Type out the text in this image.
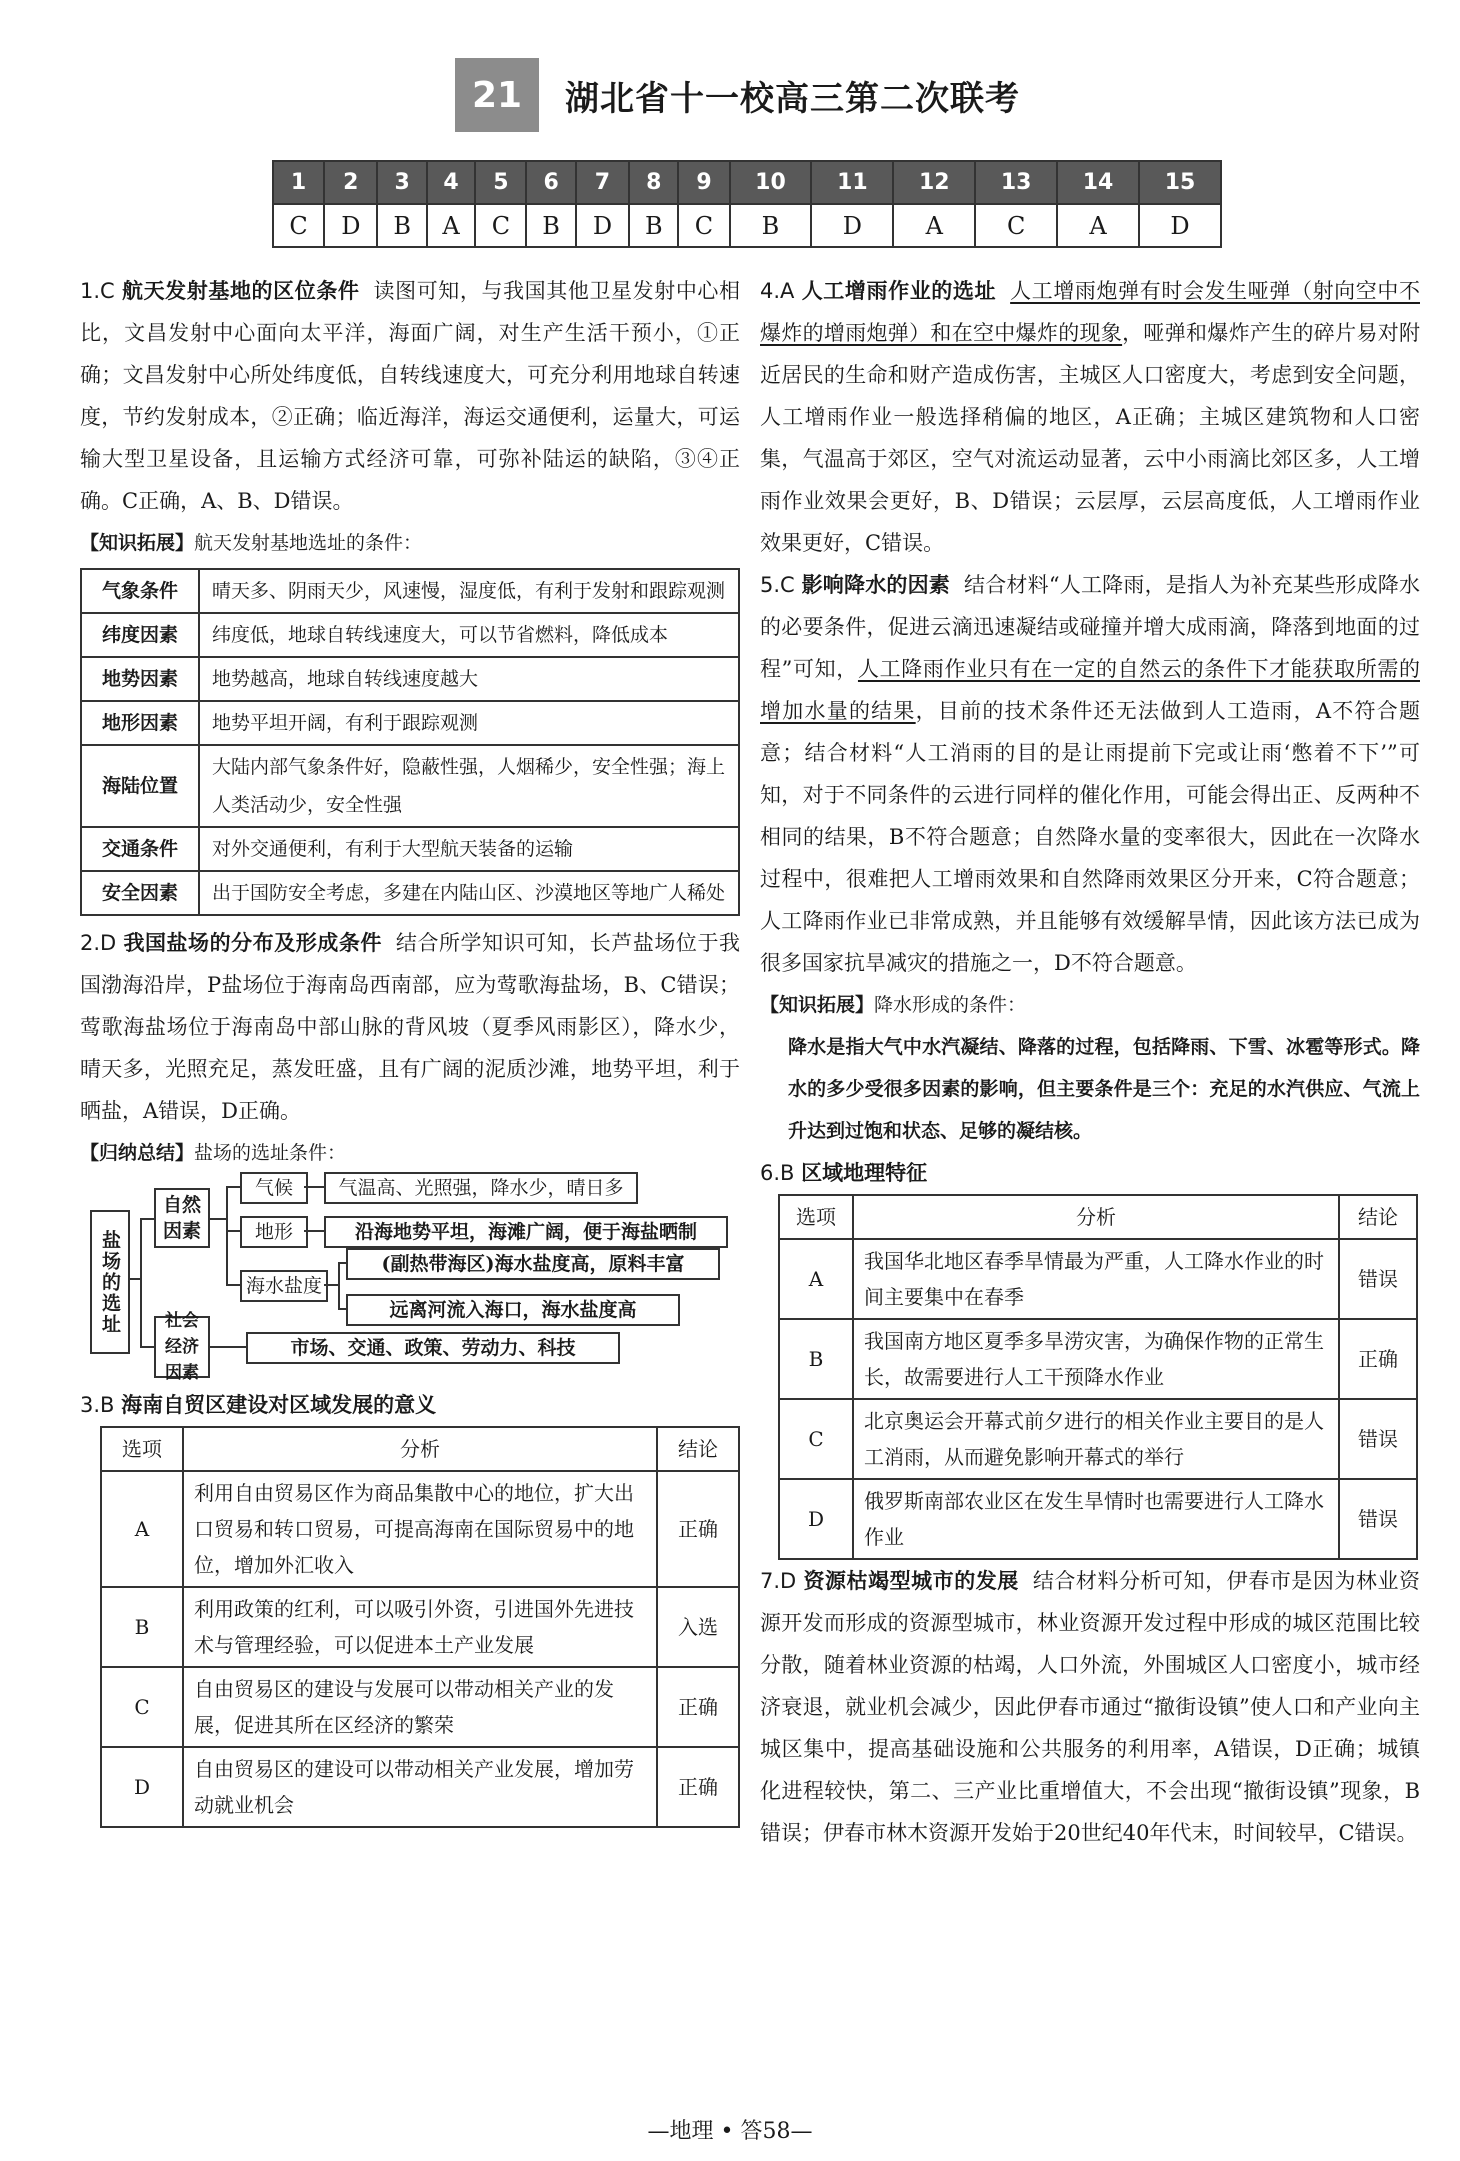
21	湖北省十一校高三第二次联考
1	2	3	4	5	6	7	8	9	10	11	12	13	14	15
C	D	B	A	C	B	D	B	C	B	D	A	C	A	D

1.C 航天发射基地的区位条件 读图可知，与我国其他卫星发射中心相比，文昌发射中心面向太平洋，海面广阔，对生产生活干预小，①正确；文昌发射中心所处纬度低，自转线速度大，可充分利用地球自转速度，节约发射成本，②正确；临近海洋，海运交通便利，运量大，可运输大型卫星设备，且运输方式经济可靠，可弥补陆运的缺陷，③④正确。C正确，A、B、D错误。

【知识拓展】航天发射基地选址的条件：

气象条件	晴天多、阴雨天少，风速慢，湿度低，有利于发射和跟踪观测
纬度因素	纬度低，地球自转线速度大，可以节省燃料，降低成本
地势因素	地势越高，地球自转线速度越大
地形因素	地势平坦开阔，有利于跟踪观测
海陆位置	大陆内部气象条件好，隐蔽性强，人烟稀少，安全性强；海上人类活动少，安全性强
交通条件	对外交通便利，有利于大型航天装备的运输
安全因素	出于国防安全考虑，多建在内陆山区、沙漠地区等地广人稀处

2.D 我国盐场的分布及形成条件 结合所学知识可知，长芦盐场位于我国渤海沿岸，P盐场位于海南岛西南部，应为莺歌海盐场，B、C错误；莺歌海盐场位于海南岛中部山脉的背风坡（夏季风雨影区），降水少，晴天多，光照充足，蒸发旺盛，且有广阔的泥质沙滩，地势平坦，利于晒盐，A错误，D正确。

【归纳总结】盐场的选址条件：

盐场的选址
自然因素
社会经济因素
气候
地形
海水盐度
气温高、光照强，降水少，晴日多
沿海地势平坦，海滩广阔，便于海盐晒制
(副热带海区)海水盐度高，原料丰富
远离河流入海口，海水盐度高
市场、交通、政策、劳动力、科技

3.B 海南自贸区建设对区域发展的意义

选项	分析	结论
A	利用自由贸易区作为商品集散中心的地位，扩大出口贸易和转口贸易，可提高海南在国际贸易中的地位，增加外汇收入	正确
B	利用政策的红利，可以吸引外资，引进国外先进技术与管理经验，可以促进本土产业发展	入选
C	自由贸易区的建设与发展可以带动相关产业的发展，促进其所在区经济的繁荣	正确
D	自由贸易区的建设可以带动相关产业发展，增加劳动就业机会	正确

4.A 人工增雨作业的选址 人工增雨炮弹有时会发生哑弹（射向空中不爆炸的增雨炮弹）和在空中爆炸的现象，哑弹和爆炸产生的碎片易对附近居民的生命和财产造成伤害，主城区人口密度大，考虑到安全问题，人工增雨作业一般选择稍偏的地区，A正确；主城区建筑物和人口密集，气温高于郊区，空气对流运动显著，云中小雨滴比郊区多，人工增雨作业效果会更好，B、D错误；云层厚，云层高度低，人工增雨作业效果更好，C错误。

5.C 影响降水的因素 结合材料“人工降雨，是指人为补充某些形成降水的必要条件，促进云滴迅速凝结或碰撞并增大成雨滴，降落到地面的过程”可知，人工降雨作业只有在一定的自然云的条件下才能获取所需的增加水量的结果，目前的技术条件还无法做到人工造雨，A不符合题意；结合材料“人工消雨的目的是让雨提前下完或让雨‘憋着不下’”可知，对于不同条件的云进行同样的催化作用，可能会得出正、反两种不相同的结果，B不符合题意；自然降水量的变率很大，因此在一次降水过程中，很难把人工增雨效果和自然降雨效果区分开来，C符合题意；人工降雨作业已非常成熟，并且能够有效缓解旱情，因此该方法已成为很多国家抗旱减灾的措施之一，D不符合题意。

【知识拓展】降水形成的条件：

降水是指大气中水汽凝结、降落的过程，包括降雨、下雪、冰雹等形式。降水的多少受很多因素的影响，但主要条件是三个：充足的水汽供应、气流上升达到过饱和状态、足够的凝结核。

6.B 区域地理特征

选项	分析	结论
A	我国华北地区春季旱情最为严重，人工降水作业的时间主要集中在春季	错误
B	我国南方地区夏季多旱涝灾害，为确保作物的正常生长，故需要进行人工干预降水作业	正确
C	北京奥运会开幕式前夕进行的相关作业主要目的是人工消雨，从而避免影响开幕式的举行	错误
D	俄罗斯南部农业区在发生旱情时也需要进行人工降水作业	错误

7.D 资源枯竭型城市的发展 结合材料分析可知，伊春市是因为林业资源开发而形成的资源型城市，林业资源开发过程中形成的城区范围比较分散，随着林业资源的枯竭，人口外流，外围城区人口密度小，城市经济衰退，就业机会减少，因此伊春市通过“撤街设镇”使人口和产业向主城区集中，提高基础设施和公共服务的利用率，A错误，D正确；城镇化进程较快，第二、三产业比重增值大，不会出现“撤街设镇”现象，B错误；伊春市林木资源开发始于20世纪40年代末，时间较早，C错误。

—地理 • 答58—
